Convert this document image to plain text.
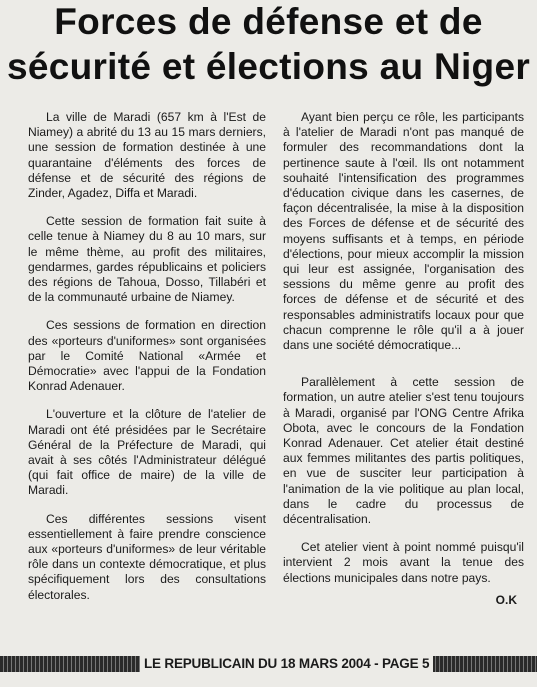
Forces de défense et de
sécurité et élections au Niger

La ville de Maradi (657 km à l'Est de Niamey) a abrité du 13 au 15 mars derniers, une session de formation destinée à une quarantaine d'éléments des forces de défense et de sécurité des régions de Zinder, Agadez, Diffa et Maradi.

Cette session de formation fait suite à celle tenue à Niamey du 8 au 10 mars, sur le même thème, au profit des militaires, gendarmes, gardes républicains et policiers des régions de Tahoua, Dosso, Tillabéri et de la communauté urbaine de Niamey.

Ces sessions de formation en direction des «porteurs d'uniformes» sont organisées par le Comité National «Armée et Démocratie» avec l'appui de la Fondation Konrad Adenauer.

L'ouverture et la clôture de l'atelier de Maradi ont été présidées par le Secrétaire Général de la Préfecture de Maradi, qui avait à ses côtés l'Administrateur délégué (qui fait office de maire) de la ville de Maradi.

Ces différentes sessions visent essentiellement à faire prendre conscience aux «porteurs d'uniformes» de leur véritable rôle dans un contexte démocratique, et plus spécifiquement lors des consultations électorales.

Ayant bien perçu ce rôle, les participants à l'atelier de Maradi n'ont pas manqué de formuler des recommandations dont la pertinence saute à l'œil. Ils ont notamment souhaité l'intensification des programmes d'éducation civique dans les casernes, de façon décentralisée, la mise à la disposition des Forces de défense et de sécurité des moyens suffisants et à temps, en période d'élections, pour mieux accomplir la mission qui leur est assignée, l'organisation des sessions du même genre au profit des forces de défense et de sécurité et des responsables administratifs locaux pour que chacun comprenne le rôle qu'il a à jouer dans une société démocratique...

Parallèlement à cette session de formation, un autre atelier s'est tenu toujours à Maradi, organisé par l'ONG Centre Afrika Obota, avec le concours de la Fondation Konrad Adenauer. Cet atelier était destiné aux femmes militantes des partis politiques, en vue de susciter leur participation à l'animation de la vie politique au plan local, dans le cadre du processus de décentralisation.

Cet atelier vient à point nommé puisqu'il intervient 2 mois avant la tenue des élections municipales dans notre pays.

O.K
LE REPUBLICAIN DU 18 MARS 2004 - PAGE 5
